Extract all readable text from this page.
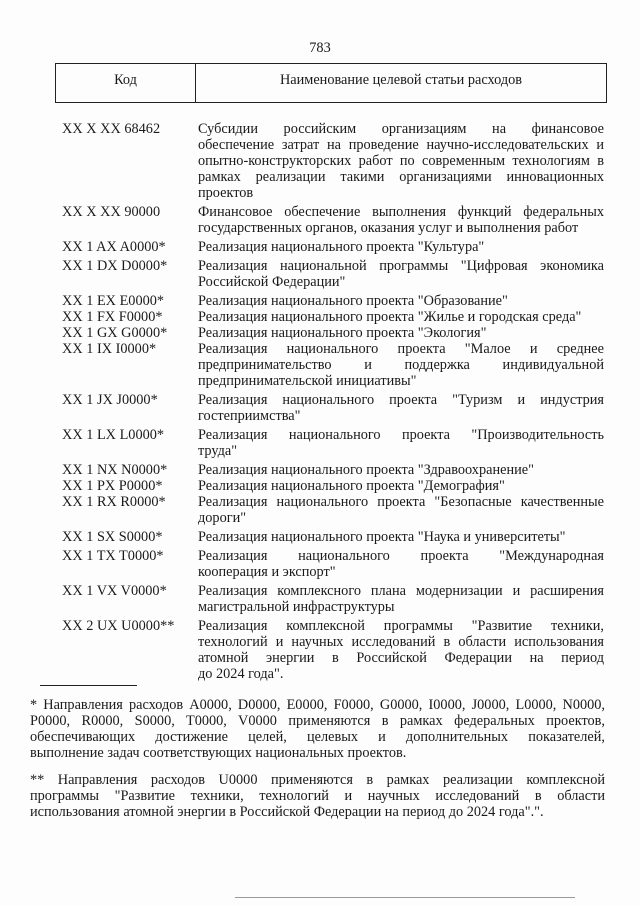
783
Код	Наименование целевой статьи расходов
XX X XX 68462	Субсидии российским организациям на финансовое
обеспечение затрат на проведение научно-исследовательских и
опытно-конструкторских работ по современным технологиям в
рамках реализации такими организациями инновационных
проектов
XX X XX 90000	Финансовое обеспечение выполнения функций федеральных
государственных органов, оказания услуг и выполнения работ
XX 1 AX A0000*	Реализация национального проекта "Культура"
XX 1 DX D0000*	Реализация национальной программы "Цифровая экономика
Российской Федерации"
XX 1 EX E0000*	Реализация национального проекта "Образование"
XX 1 FX F0000*	Реализация национального проекта "Жилье и городская среда"
XX 1 GX G0000*	Реализация национального проекта "Экология"
XX 1 IX I0000*	Реализация национального проекта "Малое и среднее
предпринимательство и поддержка индивидуальной
предпринимательской инициативы"
XX 1 JX J0000*	Реализация национального проекта "Туризм и индустрия
гостеприимства"
XX 1 LX L0000*	Реализация национального проекта "Производительность
труда"
XX 1 NX N0000*	Реализация национального проекта "Здравоохранение"
XX 1 PX P0000*	Реализация национального проекта "Демография"
XX 1 RX R0000*	Реализация национального проекта "Безопасные качественные
дороги"
XX 1 SX S0000*	Реализация национального проекта "Наука и университеты"
XX 1 TX T0000*	Реализация национального проекта "Международная
кооперация и экспорт"
XX 1 VX V0000*	Реализация комплексного плана модернизации и расширения
магистральной инфраструктуры
XX 2 UX U0000**	Реализация комплексной программы "Развитие техники,
технологий и научных исследований в области использования
атомной энергии в Российской Федерации на период
до 2024 года".
* Направления расходов A0000, D0000, E0000, F0000, G0000, I0000, J0000, L0000, N0000,
P0000, R0000, S0000, T0000, V0000 применяются в рамках федеральных проектов,
обеспечивающих достижение целей, целевых и дополнительных показателей,
выполнение задач соответствующих национальных проектов.
** Направления расходов U0000 применяются в рамках реализации комплексной
программы "Развитие техники, технологий и научных исследований в области
использования атомной энергии в Российской Федерации на период до 2024 года".".
